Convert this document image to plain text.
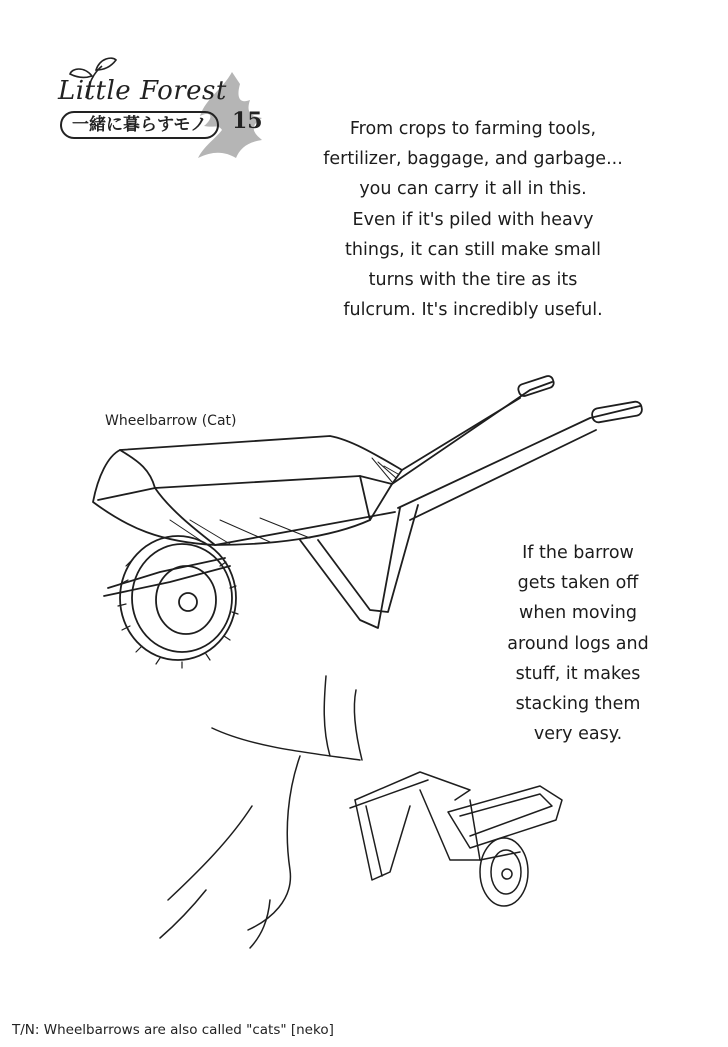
Little Forest
一緒に暮らすモノ	15	From crops to farming tools,
fertilizer, baggage, and garbage...
you can carry it all in this.
Even if it's piled with heavy
things, it can still make small
turns with the tire as its
fulcrum. It's incredibly useful.
Wheelbarrow (Cat)
If the barrow
gets taken off
when moving
around logs and
stuff, it makes
stacking them
very easy.
T/N: Wheelbarrows are also called "cats" [neko]
